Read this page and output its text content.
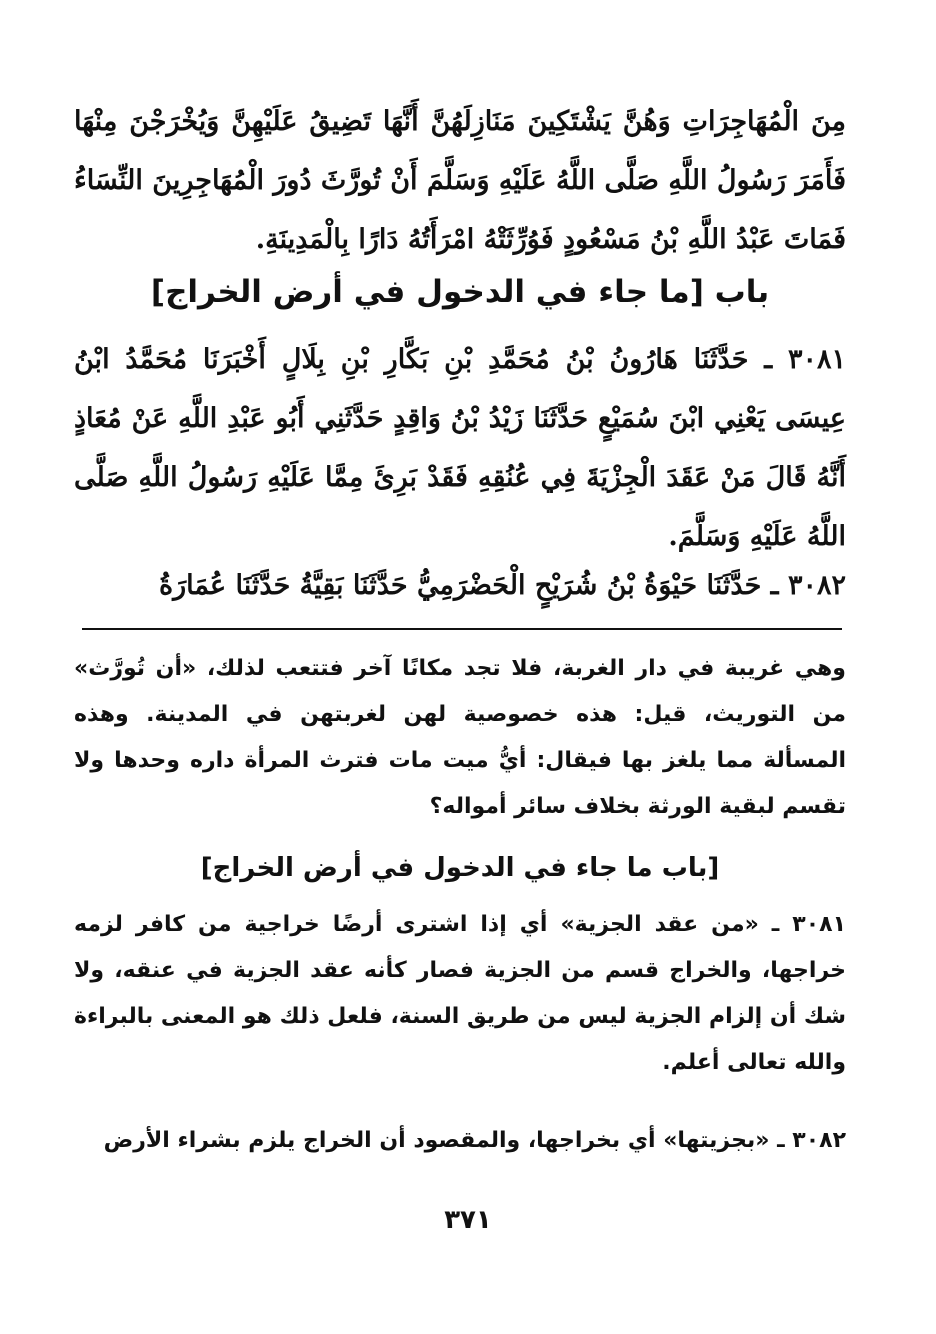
مِنَ الْمُهَاجِرَاتِ وَهُنَّ يَشْتَكِينَ مَنَازِلَهُنَّ أَنَّهَا تَضِيقُ عَلَيْهِنَّ وَيُخْرَجْنَ مِنْهَا فَأَمَرَ رَسُولُ اللَّهِ صَلَّى اللَّهُ عَلَيْهِ وَسَلَّمَ أَنْ تُورَّثَ دُورَ الْمُهَاجِرِينَ النِّسَاءُ فَمَاتَ عَبْدُ اللَّهِ بْنُ مَسْعُودٍ فَوُرِّثَتْهُ امْرَأَتُهُ دَارًا بِالْمَدِينَةِ.

باب [ما جاء في الدخول في أرض الخراج]

٣٠٨١ ـ حَدَّثَنَا هَارُونُ بْنُ مُحَمَّدِ بْنِ بَكَّارِ بْنِ بِلَالٍ أَخْبَرَنَا مُحَمَّدُ ابْنُ عِيسَى يَعْنِي ابْنَ سُمَيْعٍ حَدَّثَنَا زَيْدُ بْنُ وَاقِدٍ حَدَّثَنِي أَبُو عَبْدِ اللَّهِ عَنْ مُعَاذٍ أَنَّهُ قَالَ مَنْ عَقَدَ الْجِزْيَةَ فِي عُنُقِهِ فَقَدْ بَرِئَ مِمَّا عَلَيْهِ رَسُولُ اللَّهِ صَلَّى اللَّهُ عَلَيْهِ وَسَلَّمَ.

٣٠٨٢ ـ حَدَّثَنَا حَيْوَةُ بْنُ شُرَيْحٍ الْحَضْرَمِيُّ حَدَّثَنَا بَقِيَّةُ حَدَّثَنَا عُمَارَةُ

وهي غريبة في دار الغربة، فلا تجد مكانًا آخر فتتعب لذلك، «أن تُورَّث» من التوريث، قيل: هذه خصوصية لهن لغربتهن في المدينة. وهذه المسألة مما يلغز بها فيقال: أيُّ ميت مات فترث المرأة داره وحدها ولا تقسم لبقية الورثة بخلاف سائر أمواله؟

[باب ما جاء في الدخول في أرض الخراج]

٣٠٨١ ـ «من عقد الجزية» أي إذا اشترى أرضًا خراجية من كافر لزمه خراجها، والخراج قسم من الجزية فصار كأنه عقد الجزية في عنقه، ولا شك أن إلزام الجزية ليس من طريق السنة، فلعل ذلك هو المعنى بالبراءة والله تعالى أعلم.

٣٠٨٢ ـ «بجزيتها» أي بخراجها، والمقصود أن الخراج يلزم بشراء الأرض
٣٧١
